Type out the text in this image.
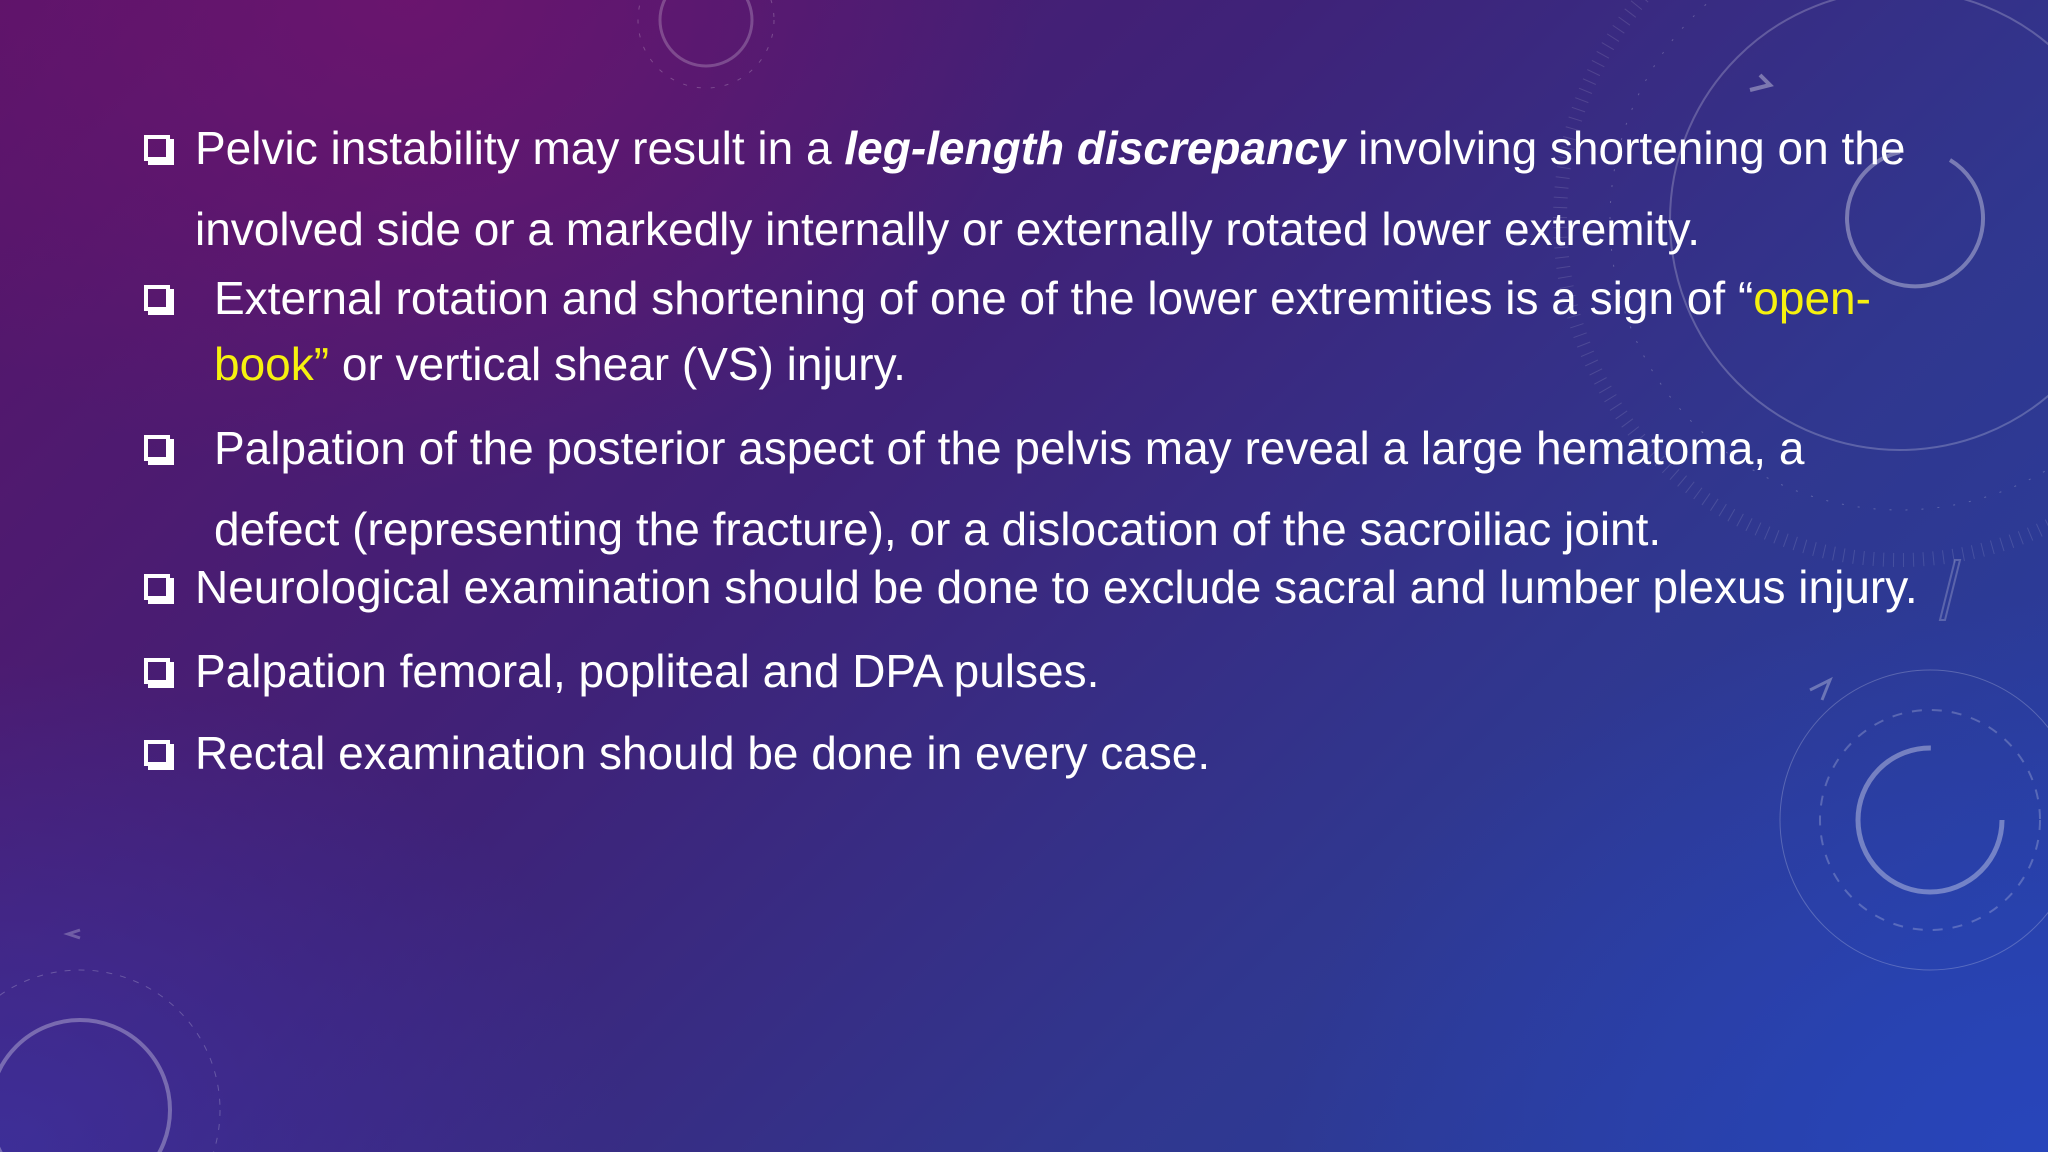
Pelvic instability may result in a leg-length discrepancy involving shortening on the involved side or a markedly internally or externally rotated lower extremity.
External rotation and shortening of one of the lower extremities is a sign of “open-book” or vertical shear (VS) injury.
Palpation of the posterior aspect of the pelvis may reveal a large hematoma, a defect (representing the fracture), or a dislocation of the sacroiliac joint.
Neurological examination should be done to exclude sacral and lumber plexus injury.
Palpation femoral, popliteal and DPA pulses.
Rectal examination should be done in every case.
